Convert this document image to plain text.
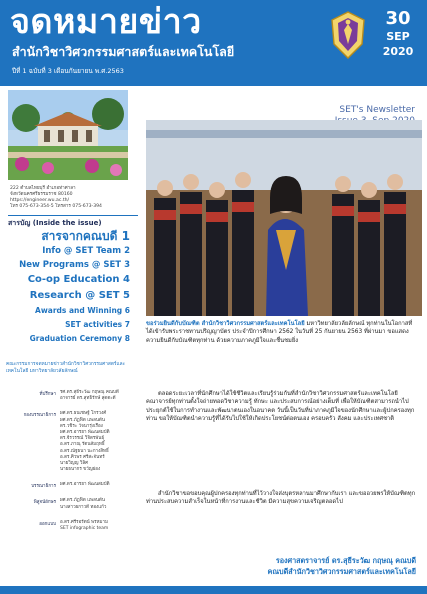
จดหมายข่าว
สำนักวิชาวิศวกรรมศาสตร์และเทคโนโลยี
ปีที่ 1 ฉบับที่ 3 เดือนกันยายน พ.ศ.2563
30
SEP
2020
SET's Newsletter
222 ตำบลไทยบุรี อำเภอท่าศาลา
จังหวัดนครศรีธรรมราช 80160
https://engineer.wu.ac.th/
โทร 075-673-354-5 โทรสาร 075-673-394
สารบัญ (Inside the issue)
สารจากคณบดี 1
Info @ SET Team 2
New Programs @ SET 3
Co-op Education 4
Research @ SET 5
Awards and Winning 6
SET activities 7
Graduation Ceremony 8
คณะกรรมการจดหมายข่าวสำนักวิชาวิศวกรรมศาสตร์และเทคโนโลยี มหาวิทยาลัยวลัยลักษณ์
ที่ปรึกษา รศ.ดร.สุธีระวัฒ กฤษณุ คณบดี
อาจารย์ ดร.สุทธิรักษ์ สุดตะดี
กองบรรณาธิการ ผศ.ดร.ธนเชษฐ์ โกรวงศ์
ผศ.ดร.ภัฏฟิต แพลนตัน
ดร.วชิระ วัจนารุ่งเรือง
ผศ.ดร.อารยา พัฒนสมบัติ
ดร.จีรวรรณ์ วิจิตรพันธุ์
อ.ดร.ภาณุ รัตนสัมฤทธิ์
อ.ดร.ณัฐธนา นะกางสิทธิ์
อ.ดร.ศิวพร ศรีสะจันทร์
นายวิญญ วิลิศ
นายธนากร ขวัญผ่อง
บรรณาธิการ ผศ.ดร.อารยา พัฒนสมบัติ
พิสูจน์อักษร ผศ.ดร.ภัฏฟิต แพลนตัน
นางสาวผกาวดี ทองแก้ว
ออกแบบ อ.ดร.ศรีรอรัตน์ พรหมาม
SET infographic team
ขอร่วมยินดีกับบัณฑิต สำนักวิชาวิศวกรรมศาสตร์และเทคโนโลยี มหาวิทยาลัยวลัยลักษณ์ ทุกท่านในโอกาสที่ได้เข้ารับพระราชทานปริญญาบัตร ประจำปีการศึกษา 2562 ในวันที่ 25 กันยายน 2563 ที่ผ่านมา ขอแสดงความยินดีกับบัณฑิตทุกท่าน ด้วยความภาคภูมิใจและชื่นชมยิ่ง
ตลอดระยะเวลาที่นักศึกษาได้ใช้ชีวิตและเรียนรู้ร่วมกันที่สำนักวิชาวิศวกรรมศาสตร์และเทคโนโลยี คณาจารย์ทุกท่านตั้งใจถ่ายทอดวิชาความรู้ ทักษะ และประสบการณ์อย่างเต็มที่ เพื่อให้บัณฑิตสามารถนำไปประยุกต์ใช้ในการทำงานและพัฒนาตนเองในอนาคต วันนี้เป็นวันที่น่าภาคภูมิใจของนักศึกษาและผู้ปกครองทุกท่าน ขอให้บัณฑิตนำความรู้ที่ได้รับไปใช้ให้เกิดประโยชน์ต่อตนเอง ครอบครัว สังคม และประเทศชาติ
สำนักวิชาขอขอบคุณผู้ปกครองทุกท่านที่ไว้วางใจส่งบุตรหลานมาศึกษากับเรา และขออวยพรให้บัณฑิตทุกท่านประสบความสำเร็จในหน้าที่การงานและชีวิต มีความสุขความเจริญตลอดไป
รองศาสตราจารย์ ดร.สุธีระวัฒ กฤษณุ คณบดี
คณบดีสำนักวิชาวิศวกรรมศาสตร์และเทคโนโลยี
